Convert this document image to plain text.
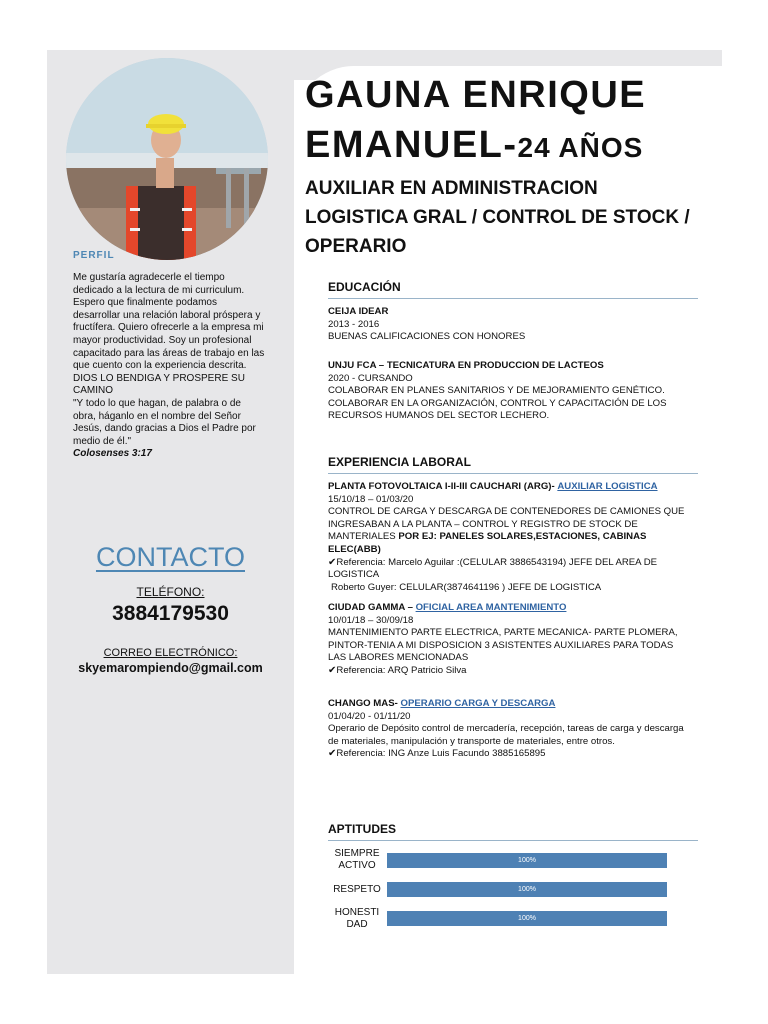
PERFIL
Me gustaría agradecerle el tiempo dedicado a la lectura de mi curriculum. Espero que finalmente podamos desarrollar una relación laboral próspera y fructífera. Quiero ofrecerle a la empresa mi mayor productividad. Soy un profesional capacitado para las áreas de trabajo en las que cuento con la experiencia descrita. DIOS LO BENDIGA Y PROSPERE SU CAMINO
"Y todo lo que hagan, de palabra o de obra, háganlo en el nombre del Señor Jesús, dando gracias a Dios el Padre por medio de él."
Colosenses 3:17
CONTACTO
TELÉFONO:
3884179530
CORREO ELECTRÓNICO:
skyemarompiendo@gmail.com
GAUNA ENRIQUE
EMANUEL-24 AÑOS
AUXILIAR EN ADMINISTRACION LOGISTICA GRAL / CONTROL DE STOCK / OPERARIO
EDUCACIÓN
CEIJA IDEAR
2013 - 2016
BUENAS CALIFICACIONES CON HONORES
UNJU FCA – TECNICATURA EN PRODUCCION DE LACTEOS
2020 - CURSANDO
COLABORAR EN PLANES SANITARIOS Y DE MEJORAMIENTO GENÉTICO.
COLABORAR EN LA ORGANIZACIÓN, CONTROL Y CAPACITACIÓN DE LOS RECURSOS HUMANOS DEL SECTOR LECHERO.
EXPERIENCIA LABORAL
PLANTA FOTOVOLTAICA I-II-III CAUCHARI (ARG)- AUXILIAR LOGISTICA
15/10/18 – 01/03/20
CONTROL DE CARGA Y DESCARGA DE CONTENEDORES DE CAMIONES QUE INGRESABAN A LA PLANTA – CONTROL Y REGISTRO DE STOCK DE MANTERIALES POR EJ: PANELES SOLARES,ESTACIONES, CABINAS ELEC(ABB)
✔Referencia: Marcelo Aguilar :(CELULAR 3886543194) JEFE DEL AREA DE LOGISTICA
Roberto Guyer: CELULAR(3874641196 ) JEFE DE LOGISTICA
CIUDAD GAMMA – OFICIAL AREA MANTENIMIENTO
10/01/18 – 30/09/18
MANTENIMIENTO PARTE ELECTRICA, PARTE MECANICA- PARTE PLOMERA, PINTOR-TENIA A MI DISPOSICION 3 ASISTENTES AUXILIARES PARA TODAS LAS LABORES MENCIONADAS
✔Referencia: ARQ Patricio Silva
CHANGO MAS- OPERARIO CARGA Y DESCARGA
01/04/20 - 01/11/20
Operario de Depósito control de mercadería, recepción, tareas de carga y descarga de materiales, manipulación y transporte de materiales, entre otros.
✔Referencia: ING Anze Luis Facundo 3885165895
APTITUDES
SIEMPRE ACTIVO	100%
RESPETO	100%
HONESTI DAD
100%
